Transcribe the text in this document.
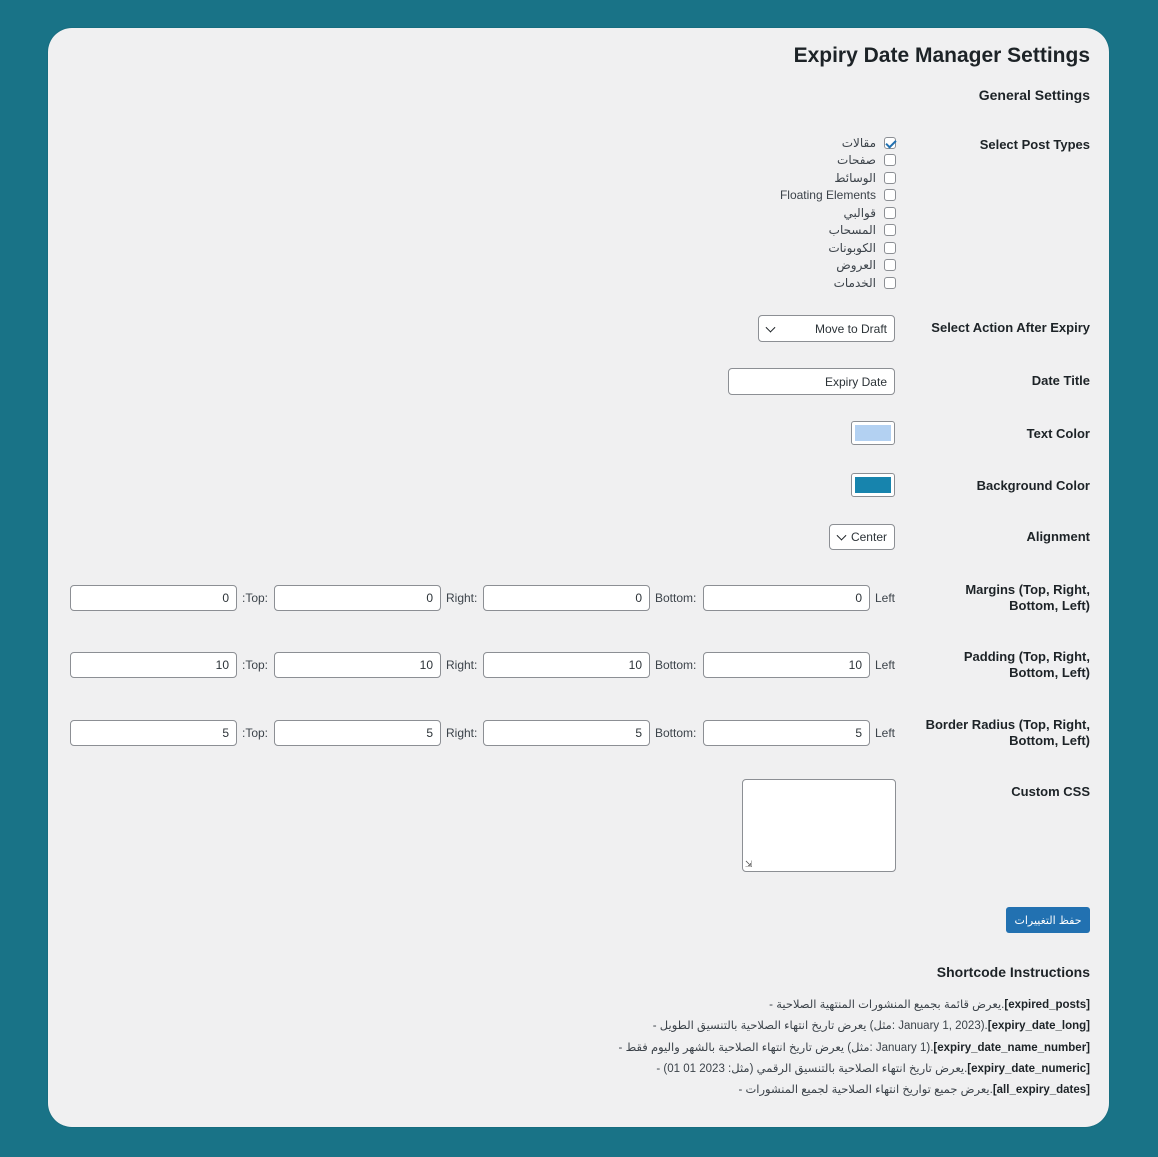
Expiry Date Manager Settings
General Settings
Select Post Types
مقالات
صفحات
الوسائط
Floating Elements
قوالبي
المسحاب
الكوبونات
العروض
الخدمات
Select Action After Expiry
Move to Draft
Date Title
Expiry Date
Text Color
Background Color
Alignment
Center
Margins (Top, Right,
Bottom, Left)
0 :Top:	0 Right:	0 Bottom:	0 Left
Padding (Top, Right,
Bottom, Left)
10 :Top:	10 Right:	10 Bottom:	10 Left
Border Radius (Top, Right,
Bottom, Left)
5 :Top:	5 Right:	5 Bottom:	5 Left
Custom CSS
⇲
حفظ التغييرات
Shortcode Instructions
- يعرض قائمة بجميع المنشورات المنتهية الصلاحية.[expired_posts]
- يعرض تاريخ انتهاء الصلاحية بالتنسيق الطويل (مثل: January 1, 2023).[expiry_date_long]
- يعرض تاريخ انتهاء الصلاحية بالشهر واليوم فقط (مثل: January 1).[expiry_date_name_number]
- يعرض تاريخ انتهاء الصلاحية بالتنسيق الرقمي (مثل: 2023 01 01).[expiry_date_numeric]
- يعرض جميع تواريخ انتهاء الصلاحية لجميع المنشورات.[all_expiry_dates]
